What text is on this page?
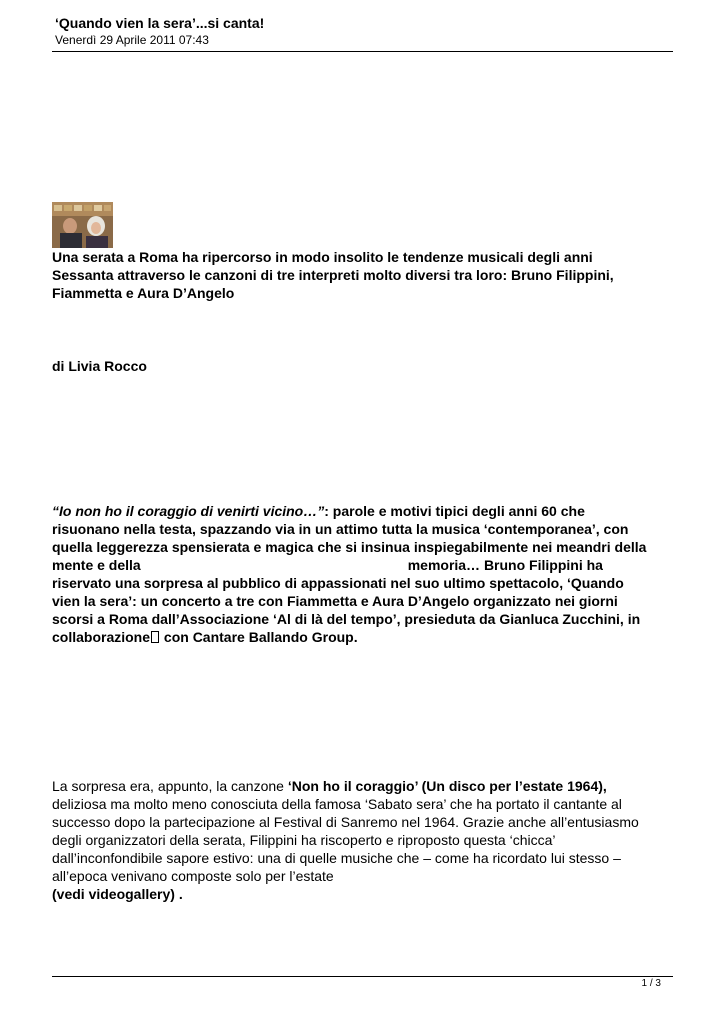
‘Quando vien la sera’...si canta!
Venerdì 29 Aprile 2011 07:43
Una serata a Roma ha ripercorso in modo insolito le tendenze musicali degli anni
Sessanta attraverso le canzoni di tre interpreti molto diversi tra loro: Bruno Filippini,
Fiammetta e Aura D’Angelo
di Livia Rocco
“Io non ho il coraggio di venirti vicino…”: parole e motivi tipici degli anni 60 che
risuonano nella testa, spazzando via in un attimo tutta la musica ‘contemporanea’, con
quella leggerezza spensierata e magica che si insinua inspiegabilmente nei meandri della
mente e della	memoria… Bruno Filippini ha
riservato una sorpresa al pubblico di appassionati nel suo ultimo spettacolo, ‘Quando
vien la sera’: un concerto a tre con Fiammetta e Aura D’Angelo organizzato nei giorni
scorsi a Roma dall’Associazione ‘Al di là del tempo’, presieduta da Gianluca Zucchini, in
collaborazione con Cantare Ballando Group.
La sorpresa era, appunto, la canzone ‘Non ho il coraggio’ (Un disco per l’estate 1964),
deliziosa ma molto meno conosciuta della famosa ‘Sabato sera’ che ha portato il cantante al
successo dopo la partecipazione al Festival di Sanremo nel 1964. Grazie anche all’entusiasmo
degli organizzatori della serata, Filippini ha riscoperto e riproposto questa ‘chicca’
dall’inconfondibile sapore estivo: una di quelle musiche che – come ha ricordato lui stesso –
all’epoca venivano composte solo per l’estate
(vedi videogallery) .
1 / 3
